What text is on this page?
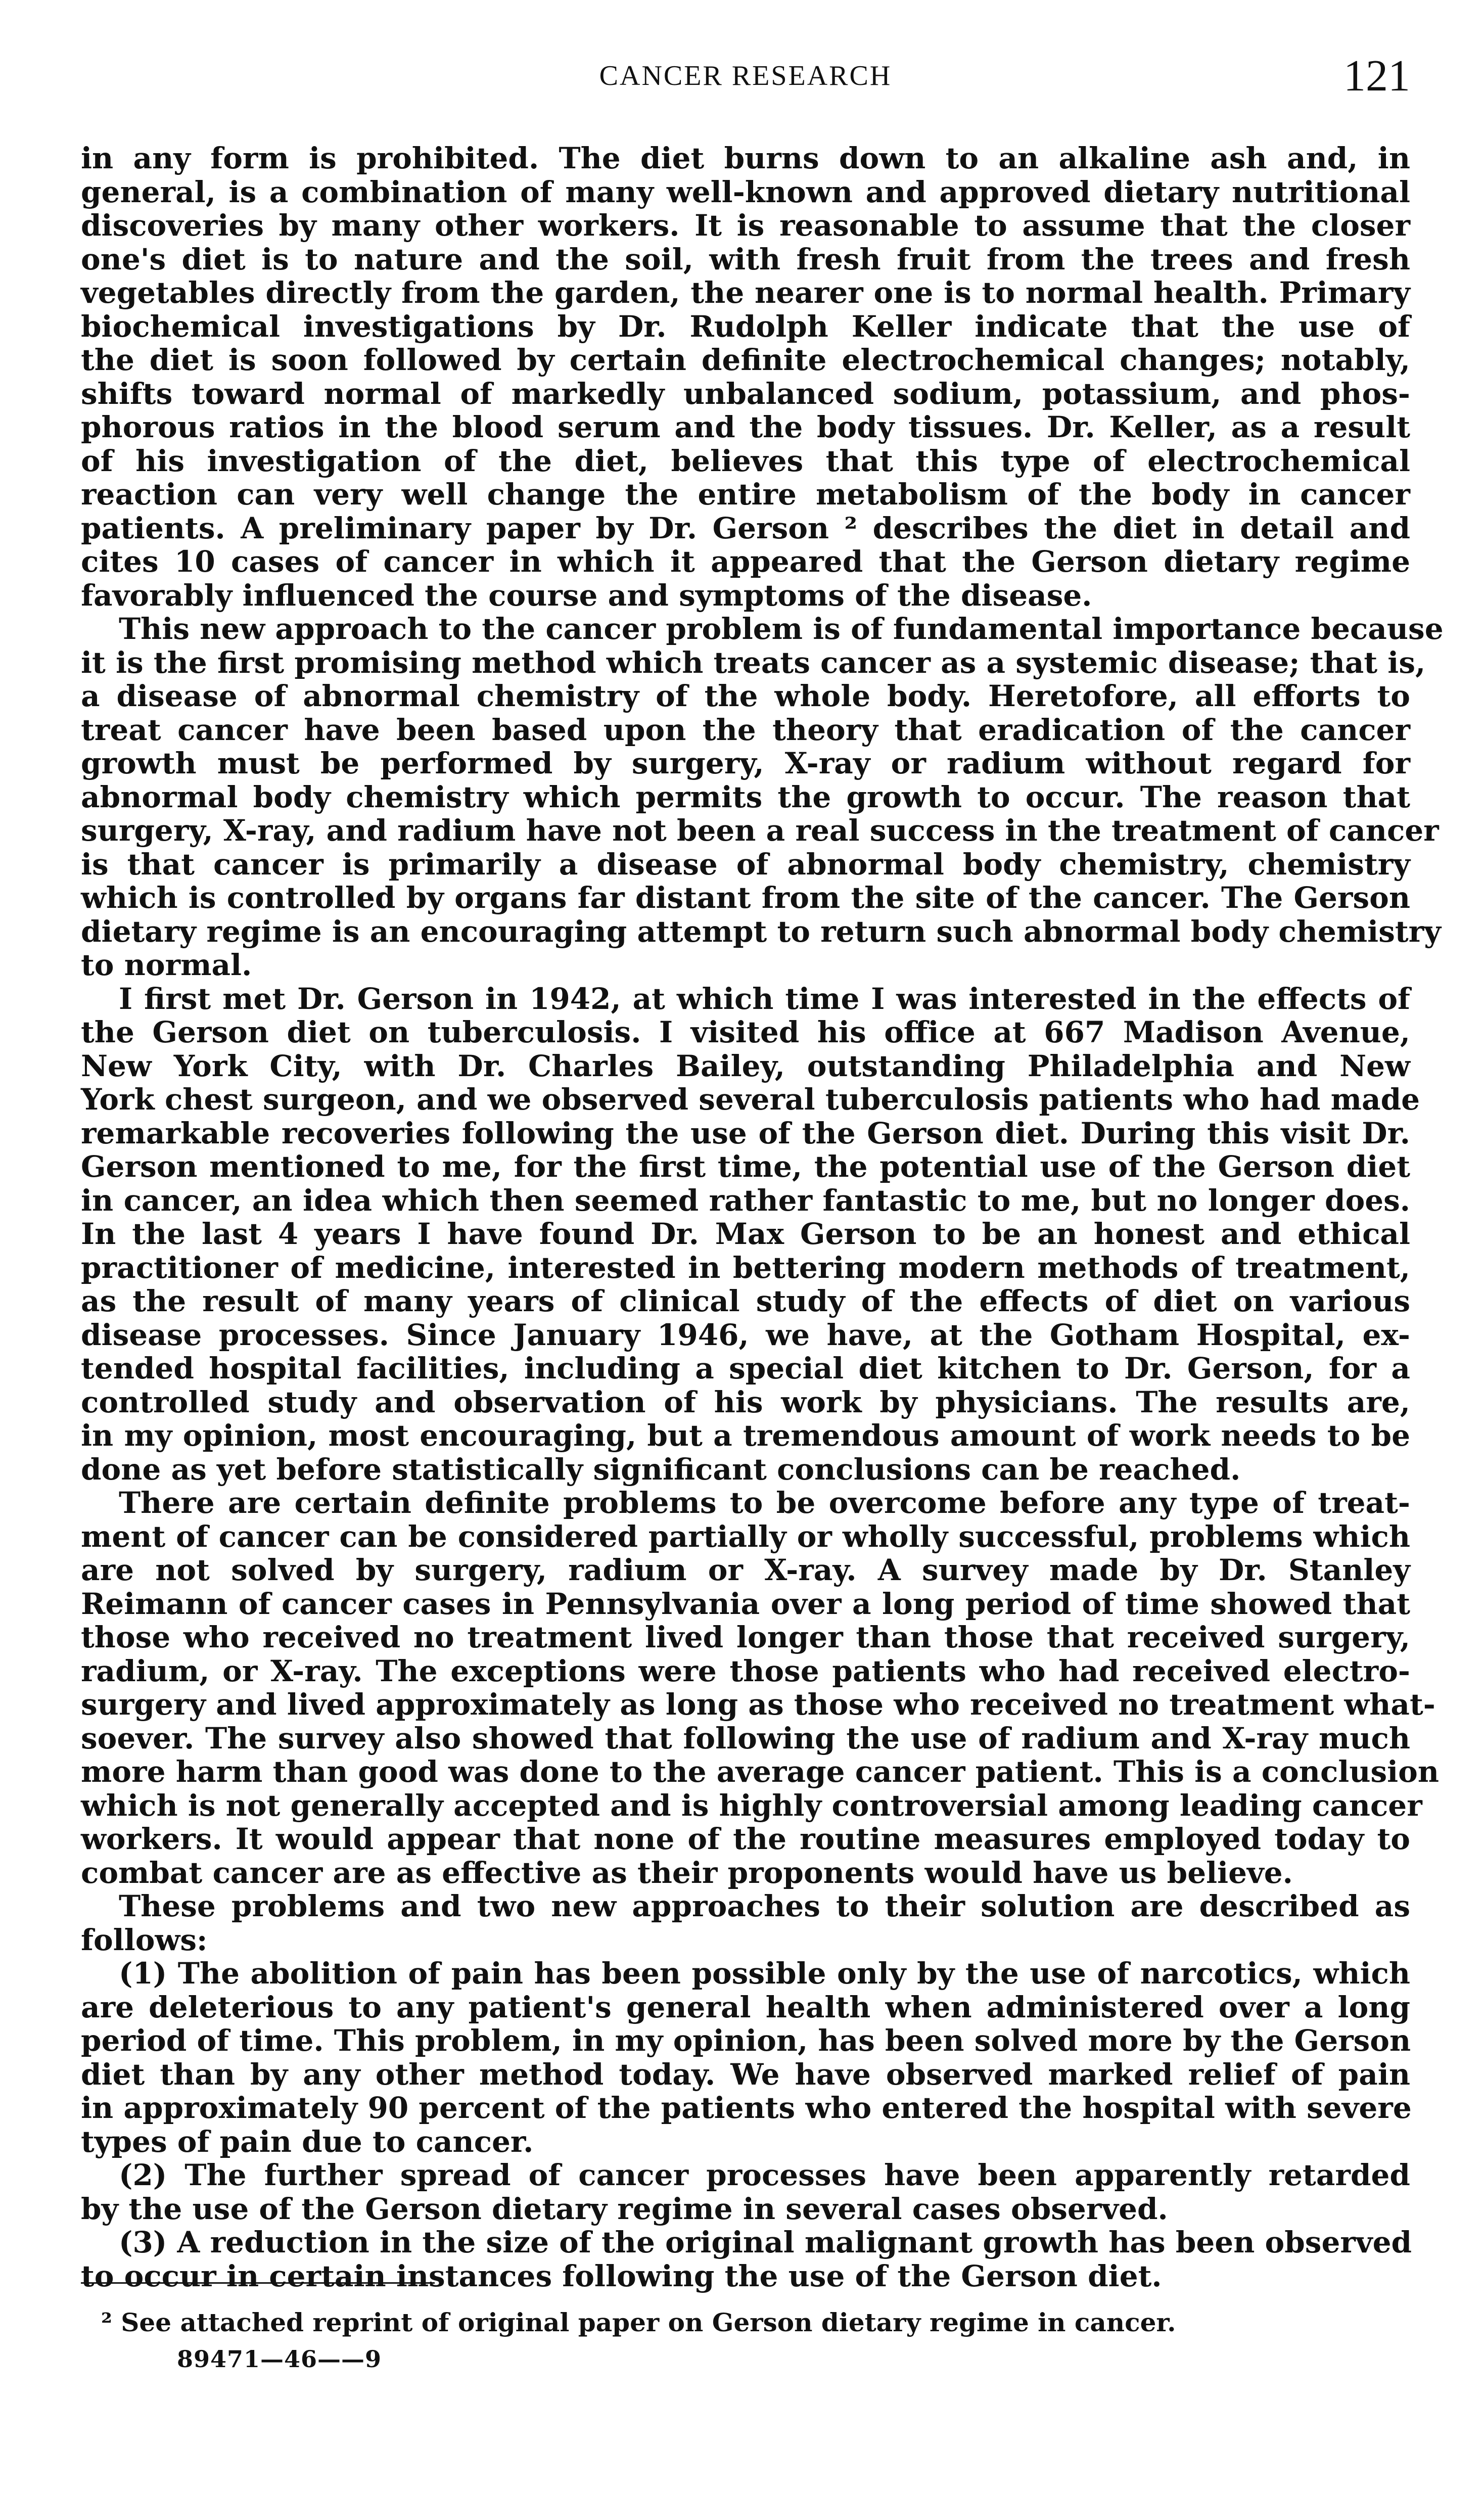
CANCER RESEARCH	121
in any form is prohibited. The diet burns down to an alkaline ash and, in
general, is a combination of many well-known and approved dietary nutritional
discoveries by many other workers. It is reasonable to assume that the closer
one's diet is to nature and the soil, with fresh fruit from the trees and fresh
vegetables directly from the garden, the nearer one is to normal health. Primary
biochemical investigations by Dr. Rudolph Keller indicate that the use of
the diet is soon followed by certain definite electrochemical changes; notably,
shifts toward normal of markedly unbalanced sodium, potassium, and phos-
phorous ratios in the blood serum and the body tissues. Dr. Keller, as a result
of his investigation of the diet, believes that this type of electrochemical
reaction can very well change the entire metabolism of the body in cancer
patients. A preliminary paper by Dr. Gerson ² describes the diet in detail and
cites 10 cases of cancer in which it appeared that the Gerson dietary regime
favorably influenced the course and symptoms of the disease.
This new approach to the cancer problem is of fundamental importance because
it is the first promising method which treats cancer as a systemic disease; that is,
a disease of abnormal chemistry of the whole body. Heretofore, all efforts to
treat cancer have been based upon the theory that eradication of the cancer
growth must be performed by surgery, X-ray or radium without regard for
abnormal body chemistry which permits the growth to occur. The reason that
surgery, X-ray, and radium have not been a real success in the treatment of cancer
is that cancer is primarily a disease of abnormal body chemistry, chemistry
which is controlled by organs far distant from the site of the cancer. The Gerson
dietary regime is an encouraging attempt to return such abnormal body chemistry
to normal.
I first met Dr. Gerson in 1942, at which time I was interested in the effects of
the Gerson diet on tuberculosis. I visited his office at 667 Madison Avenue,
New York City, with Dr. Charles Bailey, outstanding Philadelphia and New
York chest surgeon, and we observed several tuberculosis patients who had made
remarkable recoveries following the use of the Gerson diet. During this visit Dr.
Gerson mentioned to me, for the first time, the potential use of the Gerson diet
in cancer, an idea which then seemed rather fantastic to me, but no longer does.
In the last 4 years I have found Dr. Max Gerson to be an honest and ethical
practitioner of medicine, interested in bettering modern methods of treatment,
as the result of many years of clinical study of the effects of diet on various
disease processes. Since January 1946, we have, at the Gotham Hospital, ex-
tended hospital facilities, including a special diet kitchen to Dr. Gerson, for a
controlled study and observation of his work by physicians. The results are,
in my opinion, most encouraging, but a tremendous amount of work needs to be
done as yet before statistically significant conclusions can be reached.
There are certain definite problems to be overcome before any type of treat-
ment of cancer can be considered partially or wholly successful, problems which
are not solved by surgery, radium or X-ray. A survey made by Dr. Stanley
Reimann of cancer cases in Pennsylvania over a long period of time showed that
those who received no treatment lived longer than those that received surgery,
radium, or X-ray. The exceptions were those patients who had received electro-
surgery and lived approximately as long as those who received no treatment what-
soever. The survey also showed that following the use of radium and X-ray much
more harm than good was done to the average cancer patient. This is a conclusion
which is not generally accepted and is highly controversial among leading cancer
workers. It would appear that none of the routine measures employed today to
combat cancer are as effective as their proponents would have us believe.
These problems and two new approaches to their solution are described as
follows:
(1) The abolition of pain has been possible only by the use of narcotics, which
are deleterious to any patient's general health when administered over a long
period of time. This problem, in my opinion, has been solved more by the Gerson
diet than by any other method today. We have observed marked relief of pain
in approximately 90 percent of the patients who entered the hospital with severe
types of pain due to cancer.
(2) The further spread of cancer processes have been apparently retarded
by the use of the Gerson dietary regime in several cases observed.
(3) A reduction in the size of the original malignant growth has been observed
to occur in certain instances following the use of the Gerson diet.
² See attached reprint of original paper on Gerson dietary regime in cancer.
89471—46——9
